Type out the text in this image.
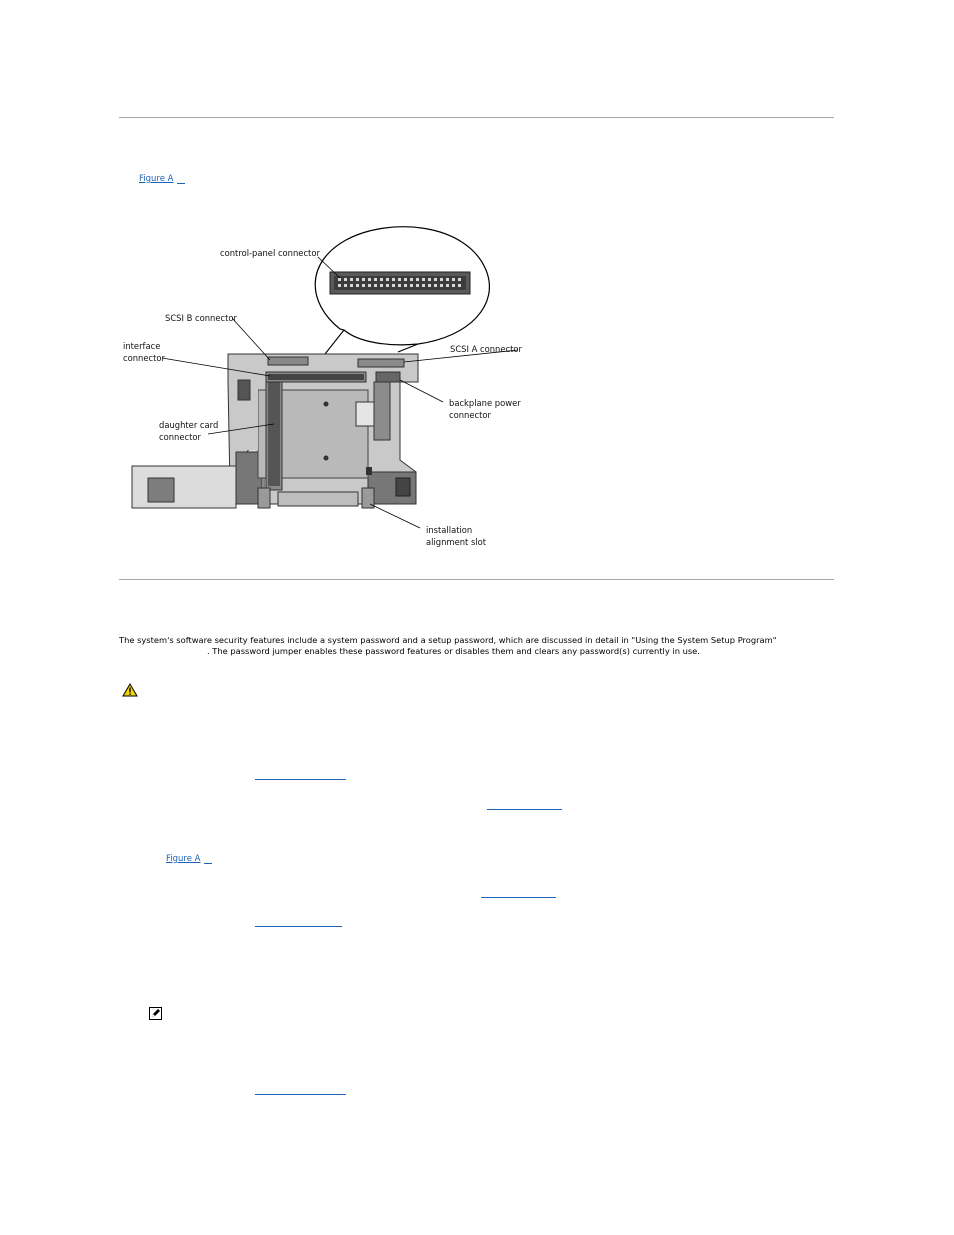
Figure A
control-panel connector
SCSI B connector
interface
connector
SCSI A connector
backplane power
connector
daughter card
connector
installation
alignment slot
The system's software security features include a system password and a setup password, which are discussed in detail in "Using the System Setup Program"
. The password jumper enables these password features or disables them and clears any password(s) currently in use.
Figure A
